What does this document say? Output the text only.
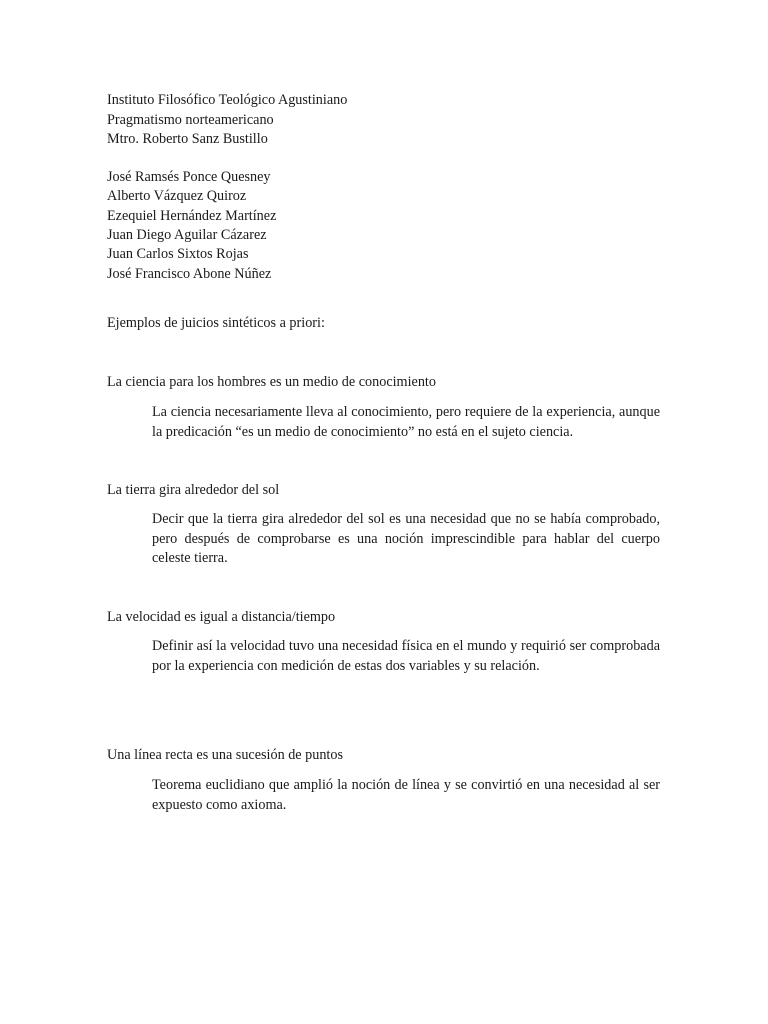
Instituto Filosófico Teológico Agustiniano
Pragmatismo norteamericano
Mtro. Roberto Sanz Bustillo
José Ramsés Ponce Quesney
Alberto Vázquez Quiroz
Ezequiel Hernández Martínez
Juan Diego Aguilar Cázarez
Juan Carlos Sixtos Rojas
José Francisco Abone Núñez
Ejemplos de juicios sintéticos a priori:
La ciencia para los hombres es un medio de conocimiento
La ciencia necesariamente lleva al conocimiento, pero requiere de la experiencia, aunque la predicación “es un medio de conocimiento” no está en el sujeto ciencia.
La tierra gira alrededor del sol
Decir que la tierra gira alrededor del sol es una necesidad que no se había comprobado, pero después de comprobarse es una noción imprescindible para hablar del cuerpo celeste tierra.
La velocidad es igual a distancia/tiempo
Definir así la velocidad tuvo una necesidad física en el mundo y requirió ser comprobada por la experiencia con medición de estas dos variables y su relación.
Una línea recta es una sucesión de puntos
Teorema euclidiano que amplió la noción de línea y se convirtió en una necesidad al ser expuesto como axioma.
